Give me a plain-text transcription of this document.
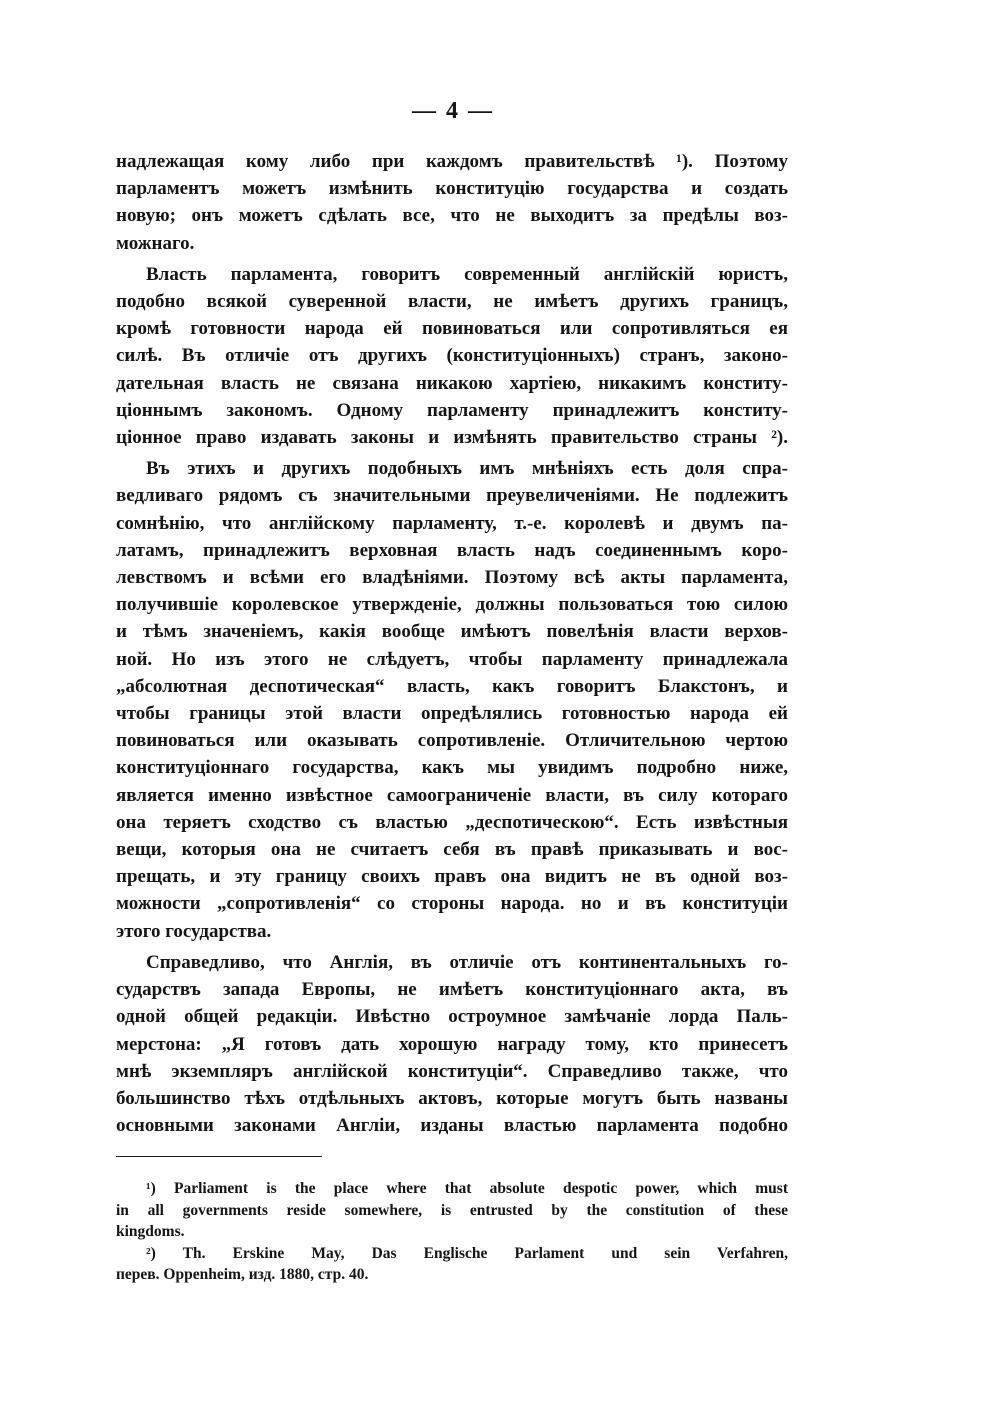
— 4 —
надлежащая кому либо при каждомъ правительствѣ ¹). Поэтому
парламентъ можетъ измѣнить конституцію государства и создать
новую; онъ можетъ сдѣлать все, что не выходитъ за предѣлы воз-
можнаго.
Власть парламента, говоритъ современный англійскій юристъ,
подобно всякой суверенной власти, не имѣетъ другихъ границъ,
кромѣ готовности народа ей повиноваться или сопротивляться ея
силѣ. Въ отличіе отъ другихъ (конституціонныхъ) странъ, законо-
дательная власть не связана никакою хартіею, никакимъ конститу-
ціоннымъ закономъ. Одному парламенту принадлежитъ конститу-
ціонное право издавать законы и измѣнять правительство страны ²).
Въ этихъ и другихъ подобныхъ имъ мнѣніяхъ есть доля спра-
ведливаго рядомъ съ значительными преувеличеніями. Не подлежитъ
сомнѣнію, что англійскому парламенту, т.-е. королевѣ и двумъ па-
латамъ, принадлежитъ верховная власть надъ соединеннымъ коро-
левствомъ и всѣми его владѣніями. Поэтому всѣ акты парламента,
получившіе королевское утвержденіе, должны пользоваться тою силою
и тѣмъ значеніемъ, какія вообще имѣютъ повелѣнія власти верхов-
ной. Но изъ этого не слѣдуетъ, чтобы парламенту принадлежала
„абсолютная деспотическая“ власть, какъ говоритъ Блакстонъ, и
чтобы границы этой власти опредѣлялись готовностью народа ей
повиноваться или оказывать сопротивленіе. Отличительною чертою
конституціоннаго государства, какъ мы увидимъ подробно ниже,
является именно извѣстное самоограниченіе власти, въ силу котораго
она теряетъ сходство съ властью „деспотическою“. Есть извѣстныя
вещи, которыя она не считаетъ себя въ правѣ приказывать и вос-
прещать, и эту границу своихъ правъ она видитъ не въ одной воз-
можности „сопротивленія“ со стороны народа. но и въ конституціи
этого государства.
Справедливо, что Англія, въ отличіе отъ континентальныхъ го-
сударствъ запада Европы, не имѣетъ конституціоннаго акта, въ
одной общей редакціи. Ивѣстно остроумное замѣчаніе лорда Паль-
мерстона: „Я готовъ дать хорошую награду тому, кто принесетъ
мнѣ экземпляръ англійской конституціи“. Справедливо также, что
большинство тѣхъ отдѣльныхъ актовъ, которые могутъ быть названы
основными законами Англіи, изданы властью парламента подобно
¹) Parliament is the place where that absolute despotic power, which must
in all governments reside somewhere, is entrusted by the constitution of these
kingdoms.
²) Th. Erskine May, Das Englische Parlament und sein Verfahren,
перев. Oppenheim, изд. 1880, стр. 40.
